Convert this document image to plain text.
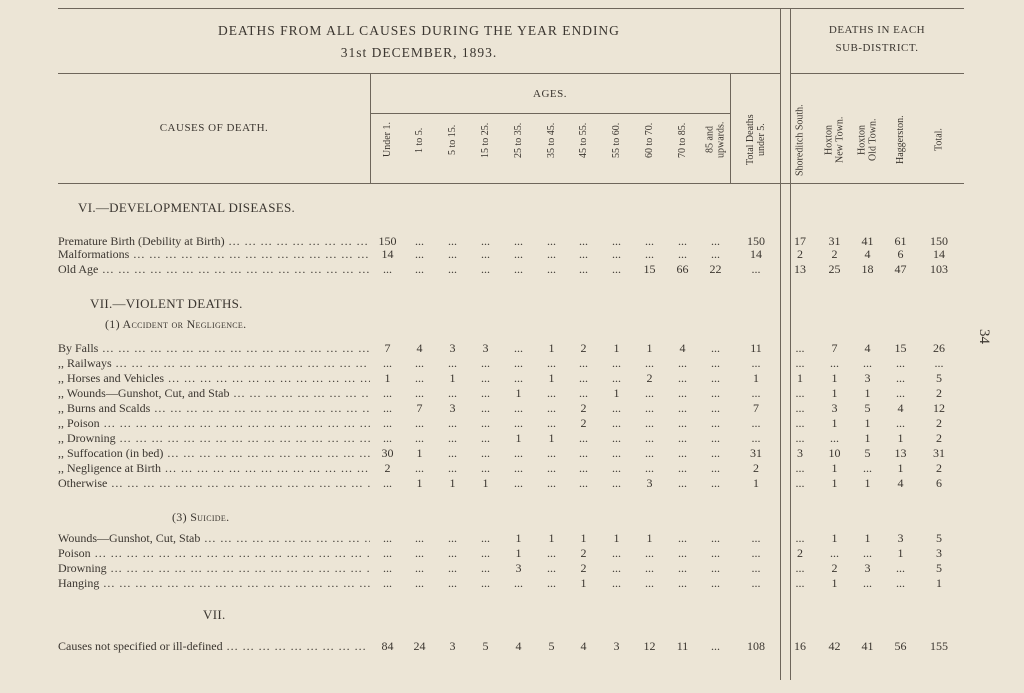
DEATHS FROM ALL CAUSES DURING THE YEAR ENDING
31st DECEMBER, 1893.
DEATHS IN EACH
SUB-DISTRICT.
CAUSES OF DEATH.
AGES.
Under 1.	1 to 5.	5 to 15.	15 to 25.	25 to 35.	35 to 45.	45 to 55.	55 to 60.	60 to 70.	70 to 85.	85 and
upwards.	Total Deaths
under 5.	Shoreditch South.	Hoxton
New Town.	Hoxton
Old Town.	Haggerston.	Total.
VI.—DEVELOPMENTAL DISEASES.
VII.—VIOLENT DEATHS.
(1) Accident or Negligence.
(3) Suicide.
VII.
Premature Birth (Debility at Birth) ... .	150	...	...	...	...	...	...	...	...	...	...	150	17	31	41	61	150
Malformations ... .	14	...	...	...	...	...	...	...	...	...	...	14	2	2	4	6	14
Old Age ... .	...	...	...	...	...	...	...	...	15	66	22	...	13	25	18	47	103
By Falls ... .	7	4	3	3	...	1	2	1	1	4	...	11	...	7	4	15	26
,, Railways ... .	...	...	...	...	...	...	...	...	...	...	...	...	...	...	...	...	...
,, Horses and Vehicles ... .	1	...	1	...	...	1	...	...	2	...	...	1	1	1	3	...	5
,, Wounds—Gunshot, Cut, and Stab ... .	...	...	...	...	1	...	...	1	...	...	...	...	...	1	1	...	2
,, Burns and Scalds ... .	...	7	3	...	...	...	2	...	...	...	...	7	...	3	5	4	12
,, Poison ... .	...	...	...	...	...	...	2	...	...	...	...	...	...	1	1	...	2
,, Drowning ... .	...	...	...	...	1	1	...	...	...	...	...	...	...	...	1	1	2
,, Suffocation (in bed) ... .	30	1	...	...	...	...	...	...	...	...	...	31	3	10	5	13	31
,, Negligence at Birth ... .	2	...	...	...	...	...	...	...	...	...	...	2	...	1	...	1	2
Otherwise ... .	...	1	1	1	...	...	...	...	3	...	...	1	...	1	1	4	6
Wounds—Gunshot, Cut, Stab ... .	...	...	...	...	1	1	1	1	1	...	...	...	...	1	1	3	5
Poison ... .	...	...	...	...	1	...	2	...	...	...	...	...	2	...	...	1	3
Drowning ... .	...	...	...	...	3	...	2	...	...	...	...	...	...	2	3	...	5
Hanging ... .	...	...	...	...	...	...	1	...	...	...	...	...	...	1	...	...	1
Causes not specified or ill-defined ... .	84	24	3	5	4	5	4	3	12	11	...	108	16	42	41	56	155
34
